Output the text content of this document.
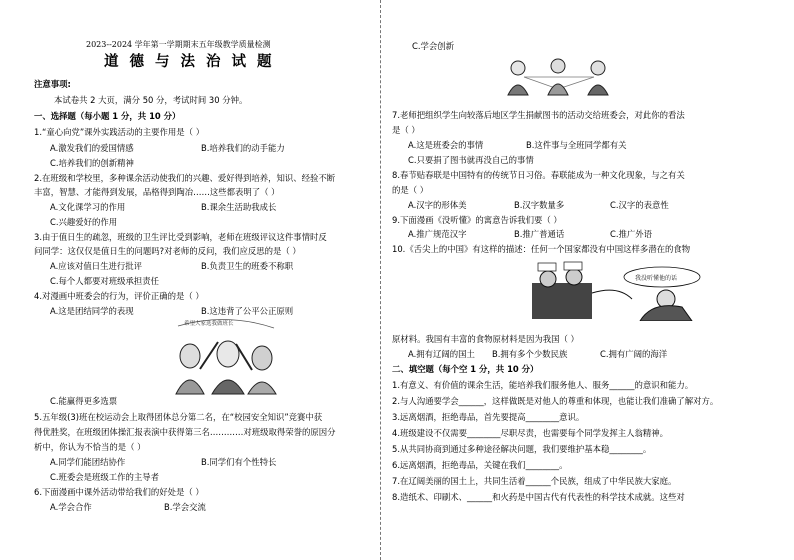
2023--2024 学年第一学期期末五年级教学质量检测
道德与法治试题
注意事项:
本试卷共 2 大页，满分 50 分，考试时间 30 分钟。
一、选择题（每小题 1 分，共 10 分）
1.“童心向党”课外实践活动的主要作用是（ ）
A.激发我们的爱国情感	B.培养我们的动手能力
C.培养我们的创新精神
2.在班级和学校里，多种课余活动使我们的兴趣、爱好得到培养，知识、经验不断
丰富，智慧、才能得到发展，品格得到陶冶……这些都表明了（ ）
A.文化课学习的作用	B.课余生活助我成长
C.兴趣爱好的作用
3.由于值日生的疏忽，班级的卫生评比受到影响，老师在班级评议这件事情时反
问同学：这仅仅是值日生的问题吗?对老师的反问，我们应反思的是（ ）
A.应该对值日生进行批评	B.负责卫生的班委不称职
C.每个人都要对班级承担责任
4.对漫画中班委会的行为，评价正确的是（ ）
A.这是团结同学的表现	B.这违背了公平公正原则
希望大家选我做班长
C.能赢得更多选票
5.五年级(3)班在校运动会上取得团体总分第二名，在“校园安全知识”竞赛中获
得优胜奖，在班级团体操汇报表演中获得第三名…………对班级取得荣誉的原因分
析中，你认为不恰当的是（ ）
A.同学们能团结协作	B.同学们有个性特长
C.班委会是班级工作的主导者
6.下面漫画中课外活动带给我们的好处是（ ）
A.学会合作	B.学会交流
C.学会创新
7.老师把组织学生向较落后地区学生捐献图书的活动交给班委会，对此你的看法
是（ ）
A.这是班委会的事情	B.这件事与全班同学都有关
C.只要捐了图书就再没自己的事情
8.春节贴春联是中国特有的传统节日习俗。春联能成为一种文化现象，与之有关
的是（ ）
A.汉字的形体美	B.汉字数量多	C.汉字的表意性
9.下面漫画《没听懂》的寓意告诉我们要（ ）
A.推广规范汉字	B.推广普通话	C.推广外语
10.《舌尖上的中国》有这样的描述：任何一个国家都没有中国这样多潜在的食物
我没听懂他的话
原材料。我国有丰富的食物原材料是因为我国（ ）
A.拥有辽阔的国土 B.拥有多个少数民族	C.拥有广阔的海洋
二、填空题（每个空 1 分，共 10 分）
1.有意义、有价值的课余生活，能培养我们服务他人、服务______的意识和能力。
2.与人沟通要学会______，这样做既是对他人的尊重和体现，也能让我们准确了解对方。
3.远离烟酒，拒绝毒品，首先要提高________意识。
4.班级建设不仅需要________尽职尽责，也需要每个同学发挥主人翁精神。
5.从共同协商到通过多种途径解决问题，我们要维护基本稳________。
6.远离烟酒，拒绝毒品，关键在我们________。
7.在辽阔美丽的国土上，共同生活着______个民族，组成了中华民族大家庭。
8.造纸术、印刷术、______和火药是中国古代有代表性的科学技术成就。这些对
